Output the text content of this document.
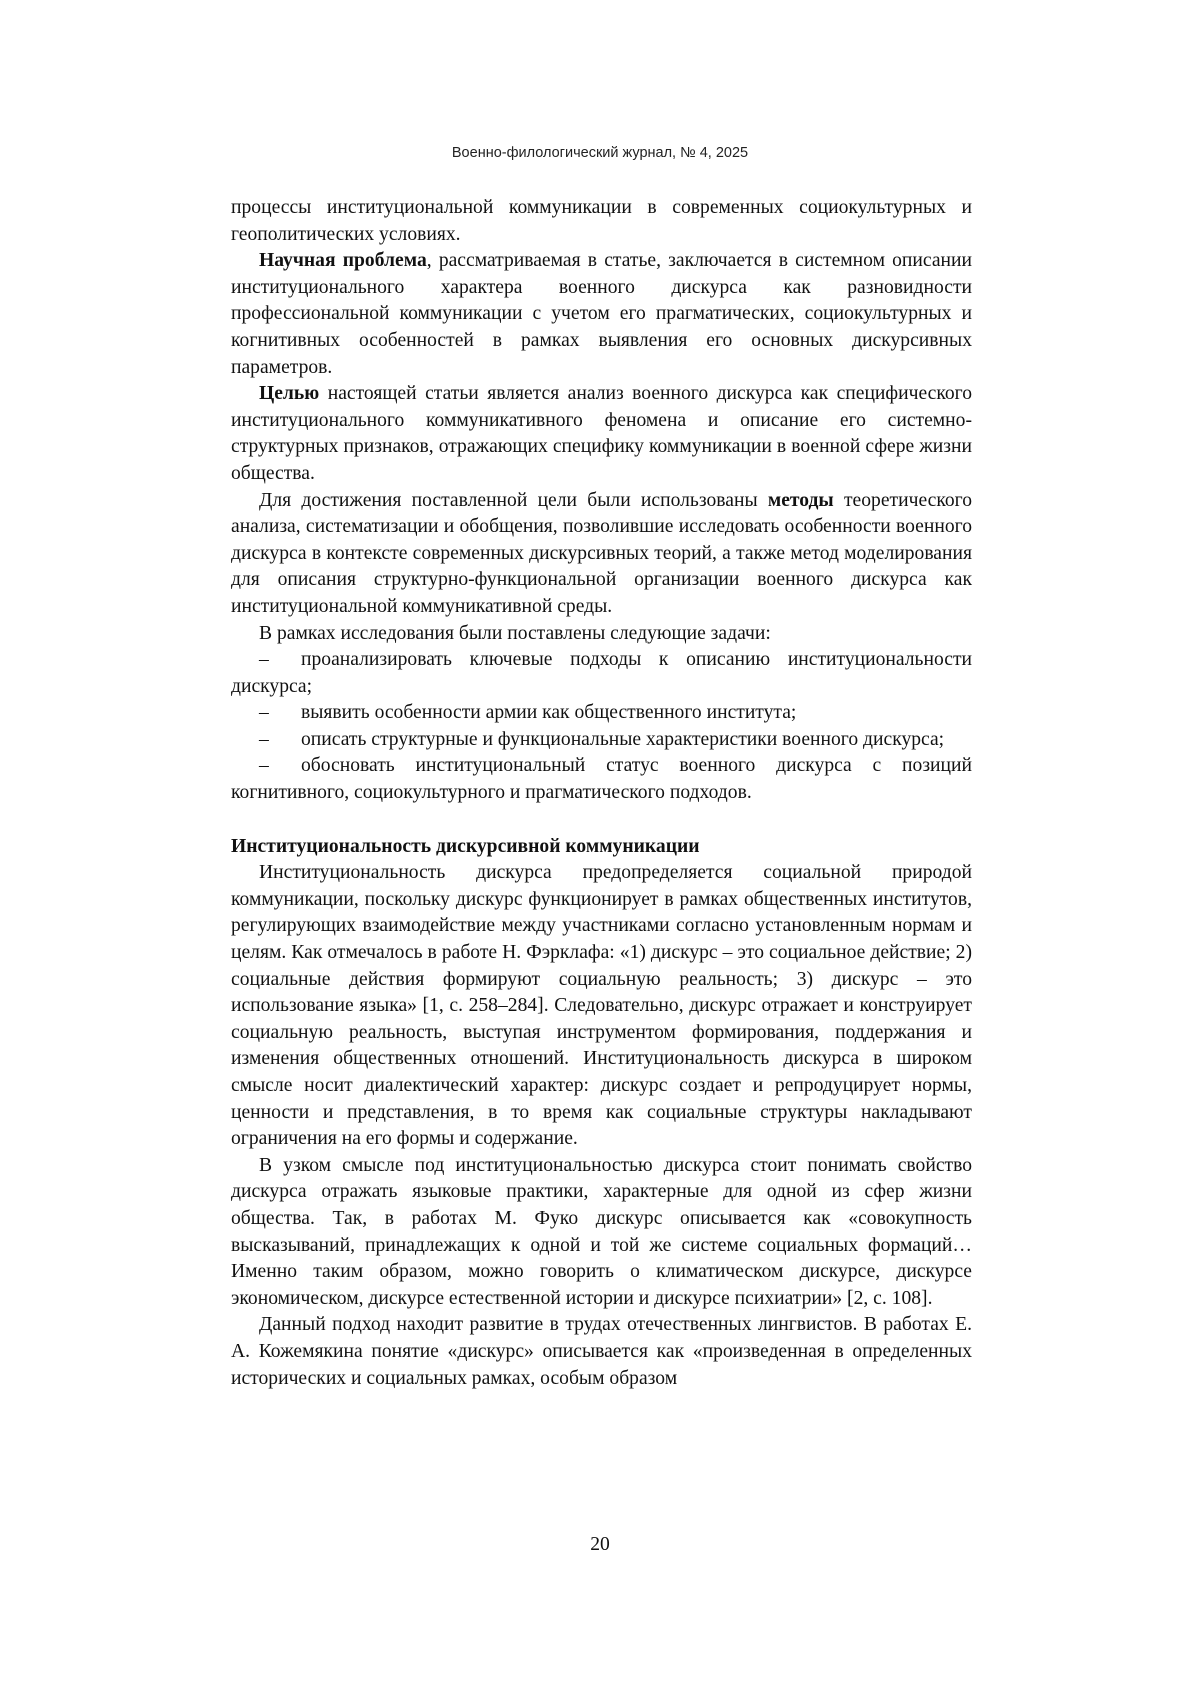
Военно-филологический журнал, № 4, 2025

процессы институциональной коммуникации в современных социокультурных и геополитических условиях.

Научная проблема, рассматриваемая в статье, заключается в системном описании институционального характера военного дискурса как разновидности профессиональной коммуникации с учетом его прагматических, социокультурных и когнитивных особенностей в рамках выявления его основных дискурсивных параметров.

Целью настоящей статьи является анализ военного дискурса как специфического институционального коммуникативного феномена и описание его системно-структурных признаков, отражающих специфику коммуникации в военной сфере жизни общества.

Для достижения поставленной цели были использованы методы теоретического анализа, систематизации и обобщения, позволившие исследовать особенности военного дискурса в контексте современных дискурсивных теорий, а также метод моделирования для описания структурно-функциональной организации военного дискурса как институциональной коммуникативной среды.

В рамках исследования были поставлены следующие задачи:

– проанализировать ключевые подходы к описанию институциональности дискурса;

– выявить особенности армии как общественного института;

– описать структурные и функциональные характеристики военного дискурса;

– обосновать институциональный статус военного дискурса с позиций когнитивного, социокультурного и прагматического подходов.

Институциональность дискурсивной коммуникации

Институциональность дискурса предопределяется социальной природой коммуникации, поскольку дискурс функционирует в рамках общественных институтов, регулирующих взаимодействие между участниками согласно установленным нормам и целям. Как отмечалось в работе Н. Фэрклафа: «1) дискурс – это социальное действие; 2) социальные действия формируют социальную реальность; 3) дискурс – это использование языка» [1, с. 258–284]. Следовательно, дискурс отражает и конструирует социальную реальность, выступая инструментом формирования, поддержания и изменения общественных отношений. Институциональность дискурса в широком смысле носит диалектический характер: дискурс создает и репродуцирует нормы, ценности и представления, в то время как социальные структуры накладывают ограничения на его формы и содержание.

В узком смысле под институциональностью дискурса стоит понимать свойство дискурса отражать языковые практики, характерные для одной из сфер жизни общества. Так, в работах М. Фуко дискурс описывается как «совокупность высказываний, принадлежащих к одной и той же системе социальных формаций…Именно таким образом, можно говорить о климатическом дискурсе, дискурсе экономическом, дискурсе естественной истории и дискурсе психиатрии» [2, с. 108].

Данный подход находит развитие в трудах отечественных лингвистов. В работах Е. А. Кожемякина понятие «дискурс» описывается как «произведенная в определенных исторических и социальных рамках, особым образом

20
